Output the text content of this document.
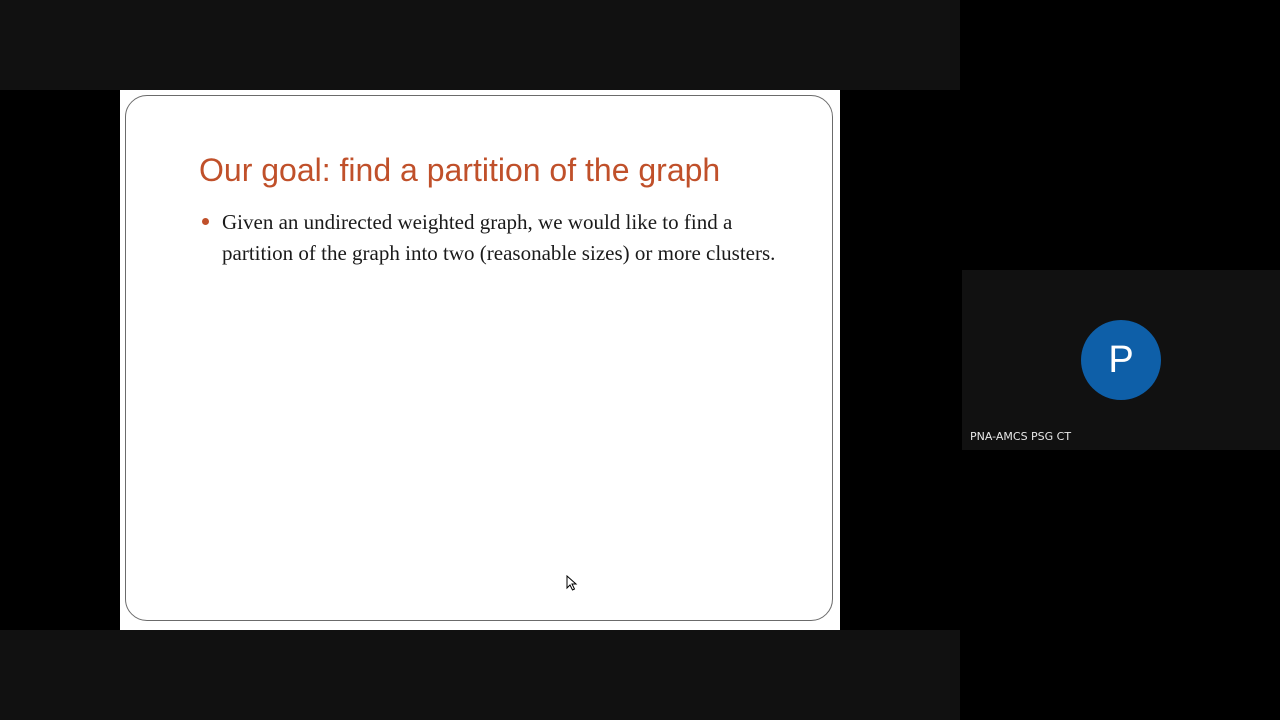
Our goal: find a partition of the graph
Given an undirected weighted graph, we would like to find a partition of the graph into two (reasonable sizes) or more clusters.
P
PNA-AMCS PSG CT
